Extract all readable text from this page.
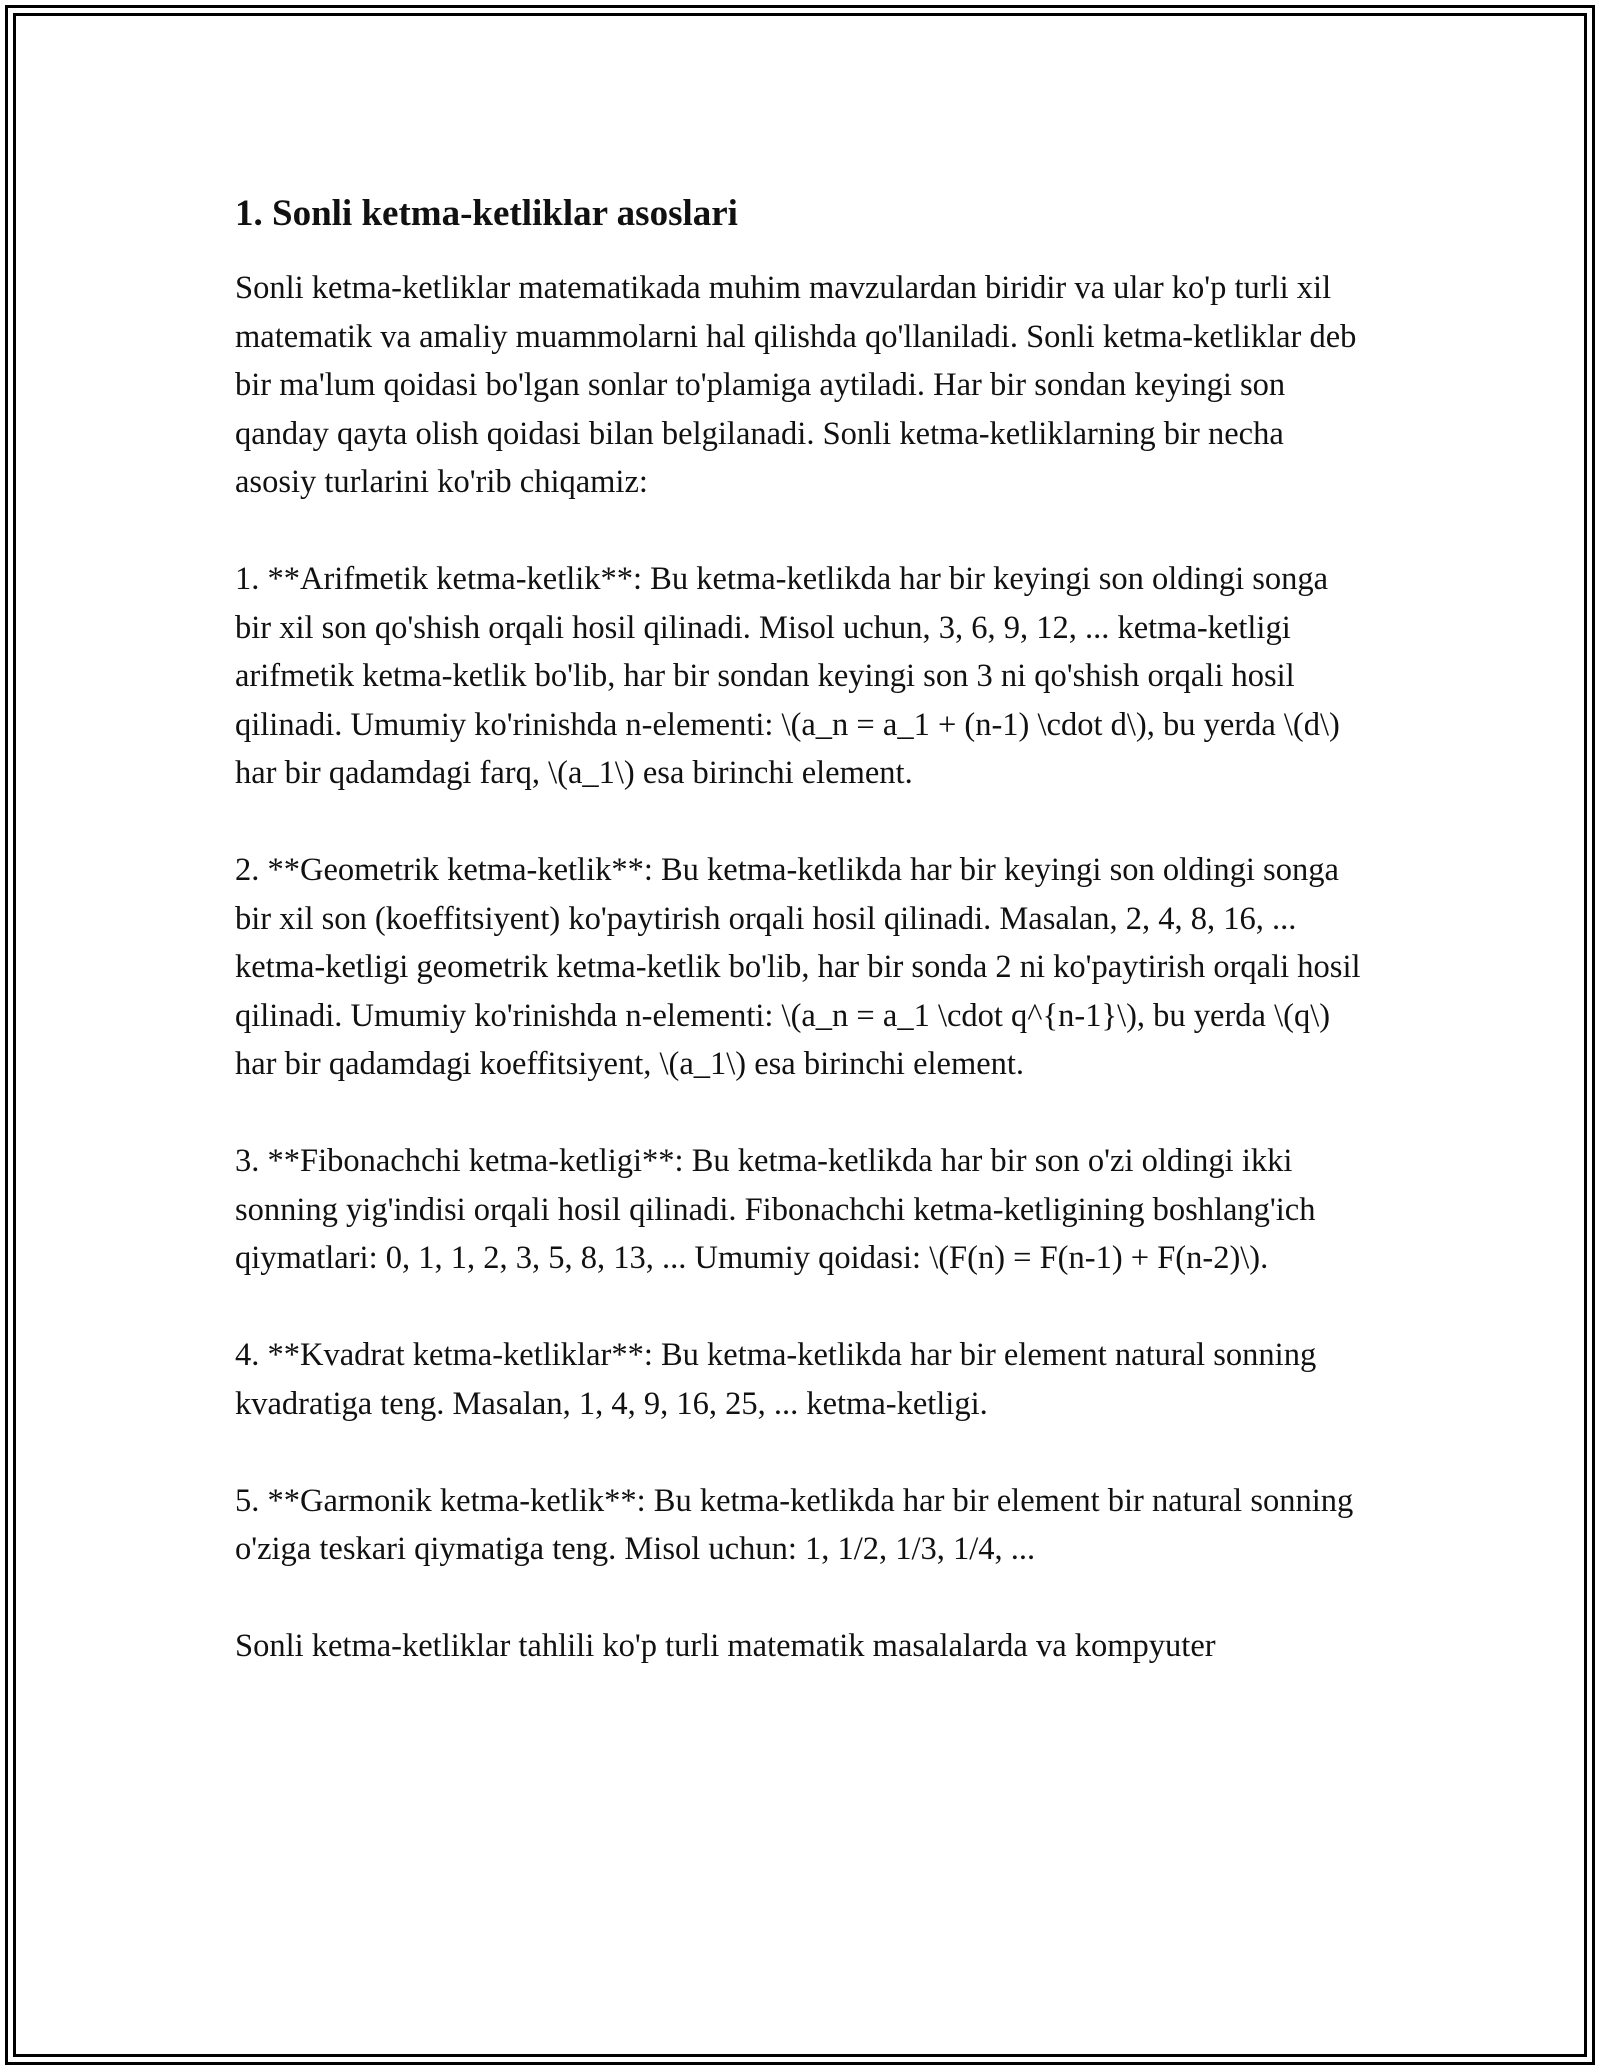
1. Sonli ketma-ketliklar asoslari

Sonli ketma-ketliklar matematikada muhim mavzulardan biridir va ular ko'p turli xil matematik va amaliy muammolarni hal qilishda qo'llaniladi. Sonli ketma-ketliklar deb bir ma'lum qoidasi bo'lgan sonlar to'plamiga aytiladi. Har bir sondan keyingi son qanday qayta olish qoidasi bilan belgilanadi. Sonli ketma-ketliklarning bir necha asosiy turlarini ko'rib chiqamiz:

1. **Arifmetik ketma-ketlik**: Bu ketma-ketlikda har bir keyingi son oldingi songa bir xil son qo'shish orqali hosil qilinadi. Misol uchun, 3, 6, 9, 12, ... ketma-ketligi arifmetik ketma-ketlik bo'lib, har bir sondan keyingi son 3 ni qo'shish orqali hosil qilinadi. Umumiy ko'rinishda n-elementi: \(a_n = a_1 + (n-1) \cdot d\), bu yerda \(d\) har bir qadamdagi farq, \(a_1\) esa birinchi element.

2. **Geometrik ketma-ketlik**: Bu ketma-ketlikda har bir keyingi son oldingi songa bir xil son (koeffitsiyent) ko'paytirish orqali hosil qilinadi. Masalan, 2, 4, 8, 16, ... ketma-ketligi geometrik ketma-ketlik bo'lib, har bir sonda 2 ni ko'paytirish orqali hosil qilinadi. Umumiy ko'rinishda n-elementi: \(a_n = a_1 \cdot q^{n-1}\), bu yerda \(q\) har bir qadamdagi koeffitsiyent, \(a_1\) esa birinchi element.

3. **Fibonachchi ketma-ketligi**: Bu ketma-ketlikda har bir son o'zi oldingi ikki sonning yig'indisi orqali hosil qilinadi. Fibonachchi ketma-ketligining boshlang'ich qiymatlari: 0, 1, 1, 2, 3, 5, 8, 13, ... Umumiy qoidasi: \(F(n) = F(n-1) + F(n-2)\).

4. **Kvadrat ketma-ketliklar**: Bu ketma-ketlikda har bir element natural sonning kvadratiga teng. Masalan, 1, 4, 9, 16, 25, ... ketma-ketligi.

5. **Garmonik ketma-ketlik**: Bu ketma-ketlikda har bir element bir natural sonning o'ziga teskari qiymatiga teng. Misol uchun: 1, 1/2, 1/3, 1/4, ...

Sonli ketma-ketliklar tahlili ko'p turli matematik masalalarda va kompyuter
